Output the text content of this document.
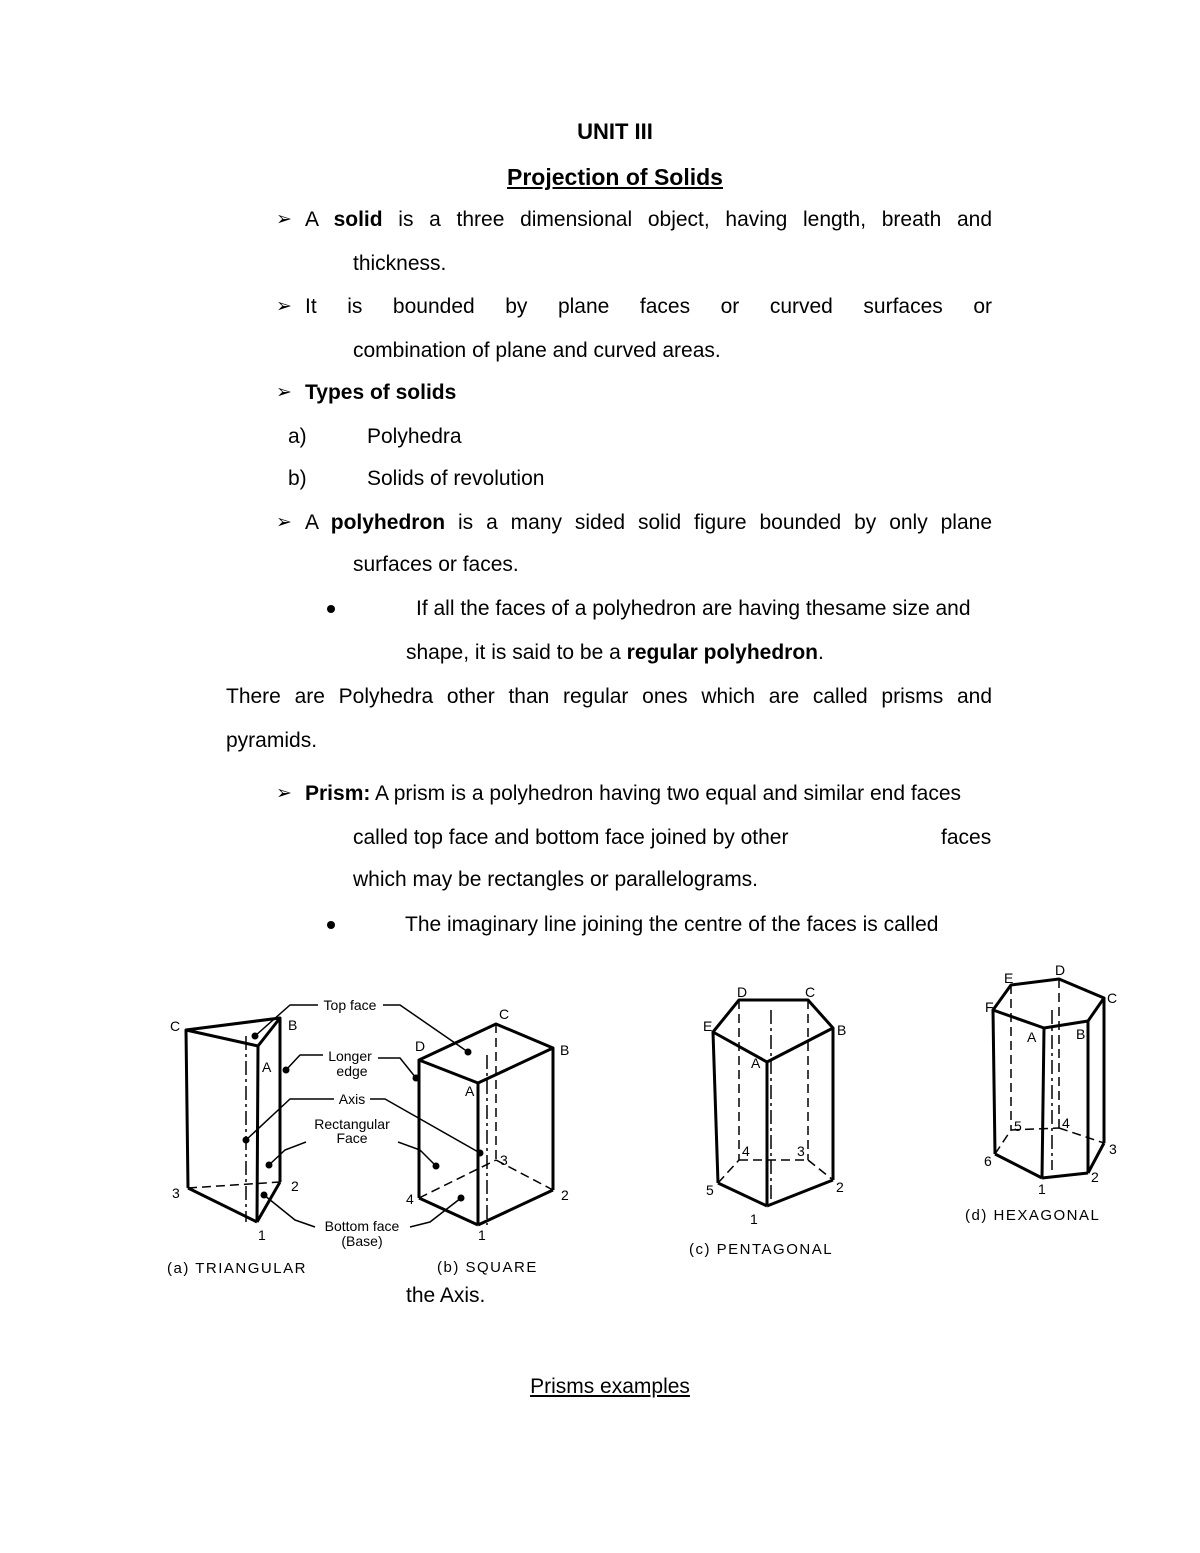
UNIT III
Projection of Solids
➢ A solid is a three dimensional object, having length, breath and
thickness.
➢ It is bounded by plane faces or curved surfaces or
combination of plane and curved areas.
➢ Types of solids
a)	Polyhedra
b)	Solids of revolution
➢ A polyhedron is a many sided solid figure bounded by only plane
surfaces or faces.
If all the faces of a polyhedron are having thesame size and
shape, it is said to be a regular polyhedron.
There are Polyhedra other than regular ones which are called prisms and
pyramids.
➢ Prism: A prism is a polyhedron having two equal and similar end faces
called top face and bottom face joined by other	faces
which may be rectangles or parallelograms.
The imaginary line joining the centre of the faces is called
Top face
Longer
edge
Axis
Rectangular
Face
Bottom face
(Base)
C	B
A
3	2
1
D
C
B
A
3
4	2
1
D	C
E	B
A
4	3
5	2
1
E	D
F
C
A	B
5	4
6
3
2
1
(a) TRIANGULAR	(b) SQUARE
(c) PENTAGONAL
(d) HEXAGONAL
the Axis.
Prisms examples
